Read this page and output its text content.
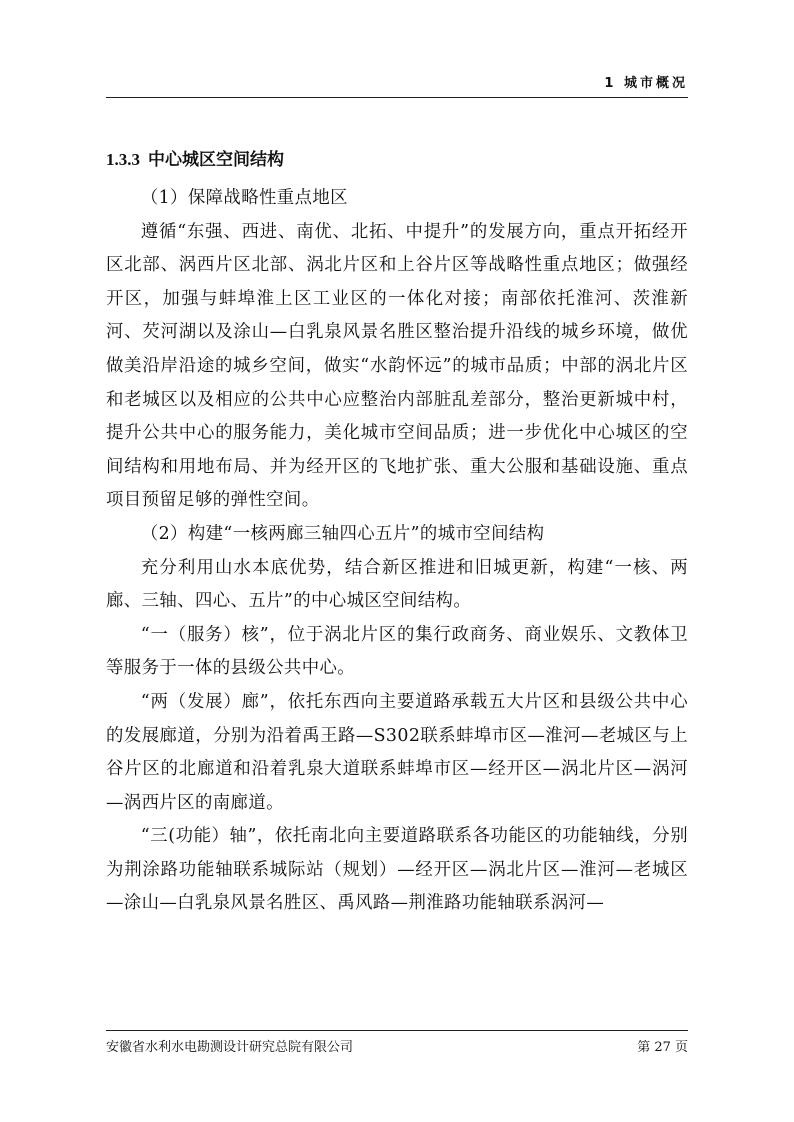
1 城市概况
1.3.3 中心城区空间结构

（1）保障战略性重点地区

遵循“东强、西进、南优、北拓、中提升”的发展方向，重点开拓经开区北部、涡西片区北部、涡北片区和上谷片区等战略性重点地区；做强经开区，加强与蚌埠淮上区工业区的一体化对接；南部依托淮河、茨淮新河、芡河湖以及涂山—白乳泉风景名胜区整治提升沿线的城乡环境，做优做美沿岸沿途的城乡空间，做实“水韵怀远”的城市品质；中部的涡北片区和老城区以及相应的公共中心应整治内部脏乱差部分，整治更新城中村，提升公共中心的服务能力，美化城市空间品质；进一步优化中心城区的空间结构和用地布局、并为经开区的飞地扩张、重大公服和基础设施、重点项目预留足够的弹性空间。

（2）构建“一核两廊三轴四心五片”的城市空间结构

充分利用山水本底优势，结合新区推进和旧城更新，构建“一核、两廊、三轴、四心、五片”的中心城区空间结构。

“一（服务）核”，位于涡北片区的集行政商务、商业娱乐、文教体卫等服务于一体的县级公共中心。

“两（发展）廊”，依托东西向主要道路承载五大片区和县级公共中心的发展廊道，分别为沿着禹王路—S302联系蚌埠市区—淮河—老城区与上谷片区的北廊道和沿着乳泉大道联系蚌埠市区—经开区—涡北片区—涡河—涡西片区的南廊道。

“三(功能）轴”，依托南北向主要道路联系各功能区的功能轴线，分别为荆涂路功能轴联系城际站（规划）—经开区—涡北片区—淮河—老城区—涂山—白乳泉风景名胜区、禹风路—荆淮路功能轴联系涡河—

安徽省水利水电勘测设计研究总院有限公司	第 27 页
